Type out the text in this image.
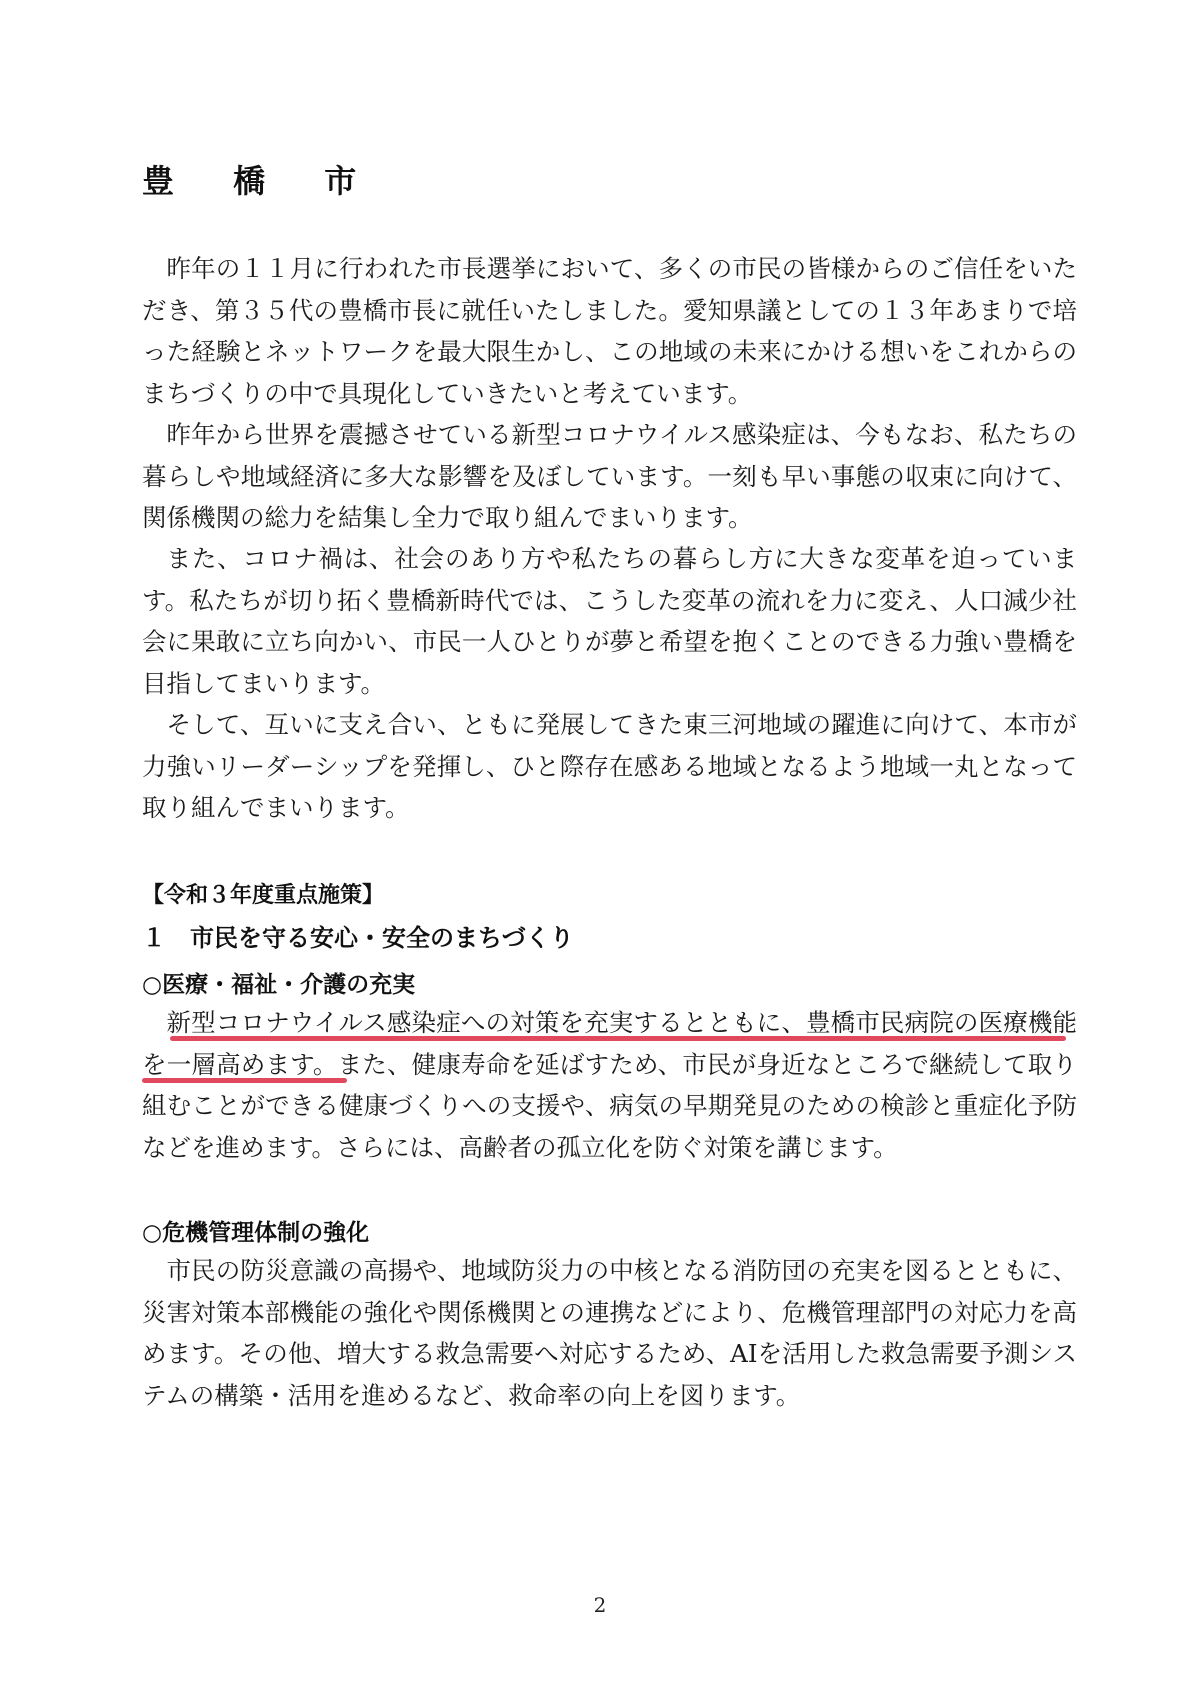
豊 橋 市

昨年の１１月に行われた市長選挙において、多くの市民の皆様からのご信任をいただき、第３５代の豊橋市長に就任いたしました。愛知県議としての１３年あまりで培った経験とネットワークを最大限生かし、この地域の未来にかける想いをこれからのまちづくりの中で具現化していきたいと考えています。

昨年から世界を震撼させている新型コロナウイルス感染症は、今もなお、私たちの暮らしや地域経済に多大な影響を及ぼしています。一刻も早い事態の収束に向けて、関係機関の総力を結集し全力で取り組んでまいります。

また、コロナ禍は、社会のあり方や私たちの暮らし方に大きな変革を迫っています。私たちが切り拓く豊橋新時代では、こうした変革の流れを力に変え、人口減少社会に果敢に立ち向かい、市民一人ひとりが夢と希望を抱くことのできる力強い豊橋を目指してまいります。

そして、互いに支え合い、ともに発展してきた東三河地域の躍進に向けて、本市が力強いリーダーシップを発揮し、ひと際存在感ある地域となるよう地域一丸となって取り組んでまいります。

【令和３年度重点施策】
１　市民を守る安心・安全のまちづくり
○医療・福祉・介護の充実

新型コロナウイルス感染症への対策を充実するとともに、豊橋市民病院の医療機能を一層高めます。また、健康寿命を延ばすため、市民が身近なところで継続して取り組むことができる健康づくりへの支援や、病気の早期発見のための検診と重症化予防などを進めます。さらには、高齢者の孤立化を防ぐ対策を講じます。

○危機管理体制の強化

市民の防災意識の高揚や、地域防災力の中核となる消防団の充実を図るとともに、災害対策本部機能の強化や関係機関との連携などにより、危機管理部門の対応力を高めます。その他、増大する救急需要へ対応するため、AIを活用した救急需要予測システムの構築・活用を進めるなど、救命率の向上を図ります。

2
